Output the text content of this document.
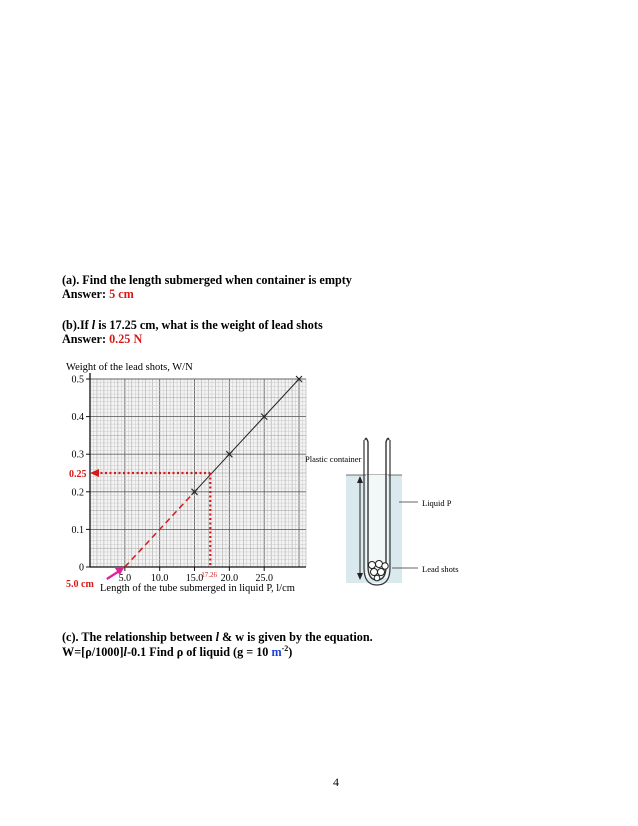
(a). Find the length submerged when container is empty
Answer: 5 cm
(b).If l is 17.25 cm, what is the weight of lead shots
Answer: 0.25 N
0
0.1
0.2
0.3
0.4
0.5
5.0 10.0 15.0 20.0 25.0
0.25
17.26
5.0 cm
Weight of the lead shots, W/N
Length of the tube submerged in liquid P, l/cm
Plastic container
Liquid P
Lead shots
(c). The relationship between l & w is given by the equation.
W=[ρ/1000]l-0.1 Find ρ of liquid (g = 10 $m^{-2}$)
4
